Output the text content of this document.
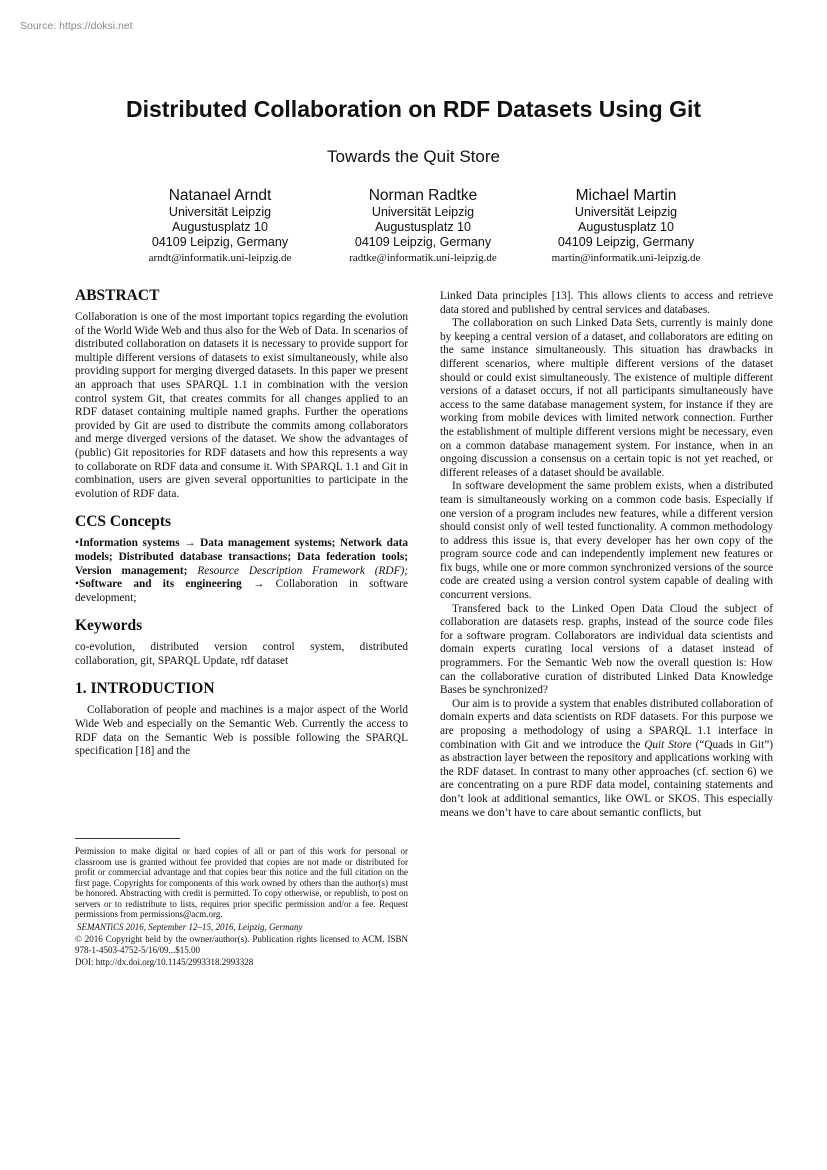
Source: https://doksi.net
Distributed Collaboration on RDF Datasets Using Git
Towards the Quit Store
Natanael Arndt
Universität Leipzig
Augustusplatz 10
04109 Leipzig, Germany
arndt@informatik.uni-leipzig.de
Norman Radtke
Universität Leipzig
Augustusplatz 10
04109 Leipzig, Germany
radtke@informatik.uni-leipzig.de
Michael Martin
Universität Leipzig
Augustusplatz 10
04109 Leipzig, Germany
martin@informatik.uni-leipzig.de
ABSTRACT

Collaboration is one of the most important topics regarding the evolution of the World Wide Web and thus also for the Web of Data. In scenarios of distributed collaboration on datasets it is necessary to provide support for multiple different versions of datasets to exist simultaneously, while also providing support for merging diverged datasets. In this paper we present an approach that uses SPARQL 1.1 in combination with the version control system Git, that creates commits for all changes applied to an RDF dataset containing multiple named graphs. Further the operations provided by Git are used to distribute the commits among collaborators and merge diverged versions of the dataset. We show the advantages of (public) Git repositories for RDF datasets and how this represents a way to collaborate on RDF data and consume it. With SPARQL 1.1 and Git in combination, users are given several opportunities to participate in the evolution of RDF data.

CCS Concepts

•Information systems → Data management systems; Network data models; Distributed database transactions; Data federation tools; Version management; Resource Description Framework (RDF); •Software and its engineering → Collaboration in software development;

Keywords

co-evolution, distributed version control system, distributed collaboration, git, SPARQL Update, rdf dataset

1. INTRODUCTION

Collaboration of people and machines is a major aspect of the World Wide Web and especially on the Semantic Web. Currently the access to RDF data on the Semantic Web is possible following the SPARQL specification [18] and the

Permission to make digital or hard copies of all or part of this work for personal or classroom use is granted without fee provided that copies are not made or distributed for profit or commercial advantage and that copies bear this notice and the full citation on the first page. Copyrights for components of this work owned by others than the author(s) must be honored. Abstracting with credit is permitted. To copy otherwise, or republish, to post on servers or to redistribute to lists, requires prior specific permission and/or a fee. Request permissions from permissions@acm.org.

SEMANTiCS 2016, September 12–15, 2016, Leipzig, Germany

© 2016 Copyright held by the owner/author(s). Publication rights licensed to ACM. ISBN 978-1-4503-4752-5/16/09...$15.00

DOI: http://dx.doi.org/10.1145/2993318.2993328

Linked Data principles [13]. This allows clients to access and retrieve data stored and published by central services and databases.

The collaboration on such Linked Data Sets, currently is mainly done by keeping a central version of a dataset, and collaborators are editing on the same instance simultaneously. This situation has drawbacks in different scenarios, where multiple different versions of the dataset should or could exist simultaneously. The existence of multiple different versions of a dataset occurs, if not all participants simultaneously have access to the same database management system, for instance if they are working from mobile devices with limited network connection. Further the establishment of multiple different versions might be necessary, even on a common database management system. For instance, when in an ongoing discussion a consensus on a certain topic is not yet reached, or different releases of a dataset should be available.

In software development the same problem exists, when a distributed team is simultaneously working on a common code basis. Especially if one version of a program includes new features, while a different version should consist only of well tested functionality. A common methodology to address this issue is, that every developer has her own copy of the program source code and can independently implement new features or fix bugs, while one or more common synchronized versions of the source code are created using a version control system capable of dealing with concurrent versions.

Transfered back to the Linked Open Data Cloud the subject of collaboration are datasets resp. graphs, instead of the source code files for a software program. Collaborators are individual data scientists and domain experts curating local versions of a dataset instead of programmers. For the Semantic Web now the overall question is: How can the collaborative curation of distributed Linked Data Knowledge Bases be synchronized?

Our aim is to provide a system that enables distributed collaboration of domain experts and data scientists on RDF datasets. For this purpose we are proposing a methodology of using a SPARQL 1.1 interface in combination with Git and we introduce the Quit Store (“Quads in Git”) as abstraction layer between the repository and applications working with the RDF dataset. In contrast to many other approaches (cf. section 6) we are concentrating on a pure RDF data model, containing statements and don’t look at additional semantics, like OWL or SKOS. This especially means we don’t have to care about semantic conflicts, but
